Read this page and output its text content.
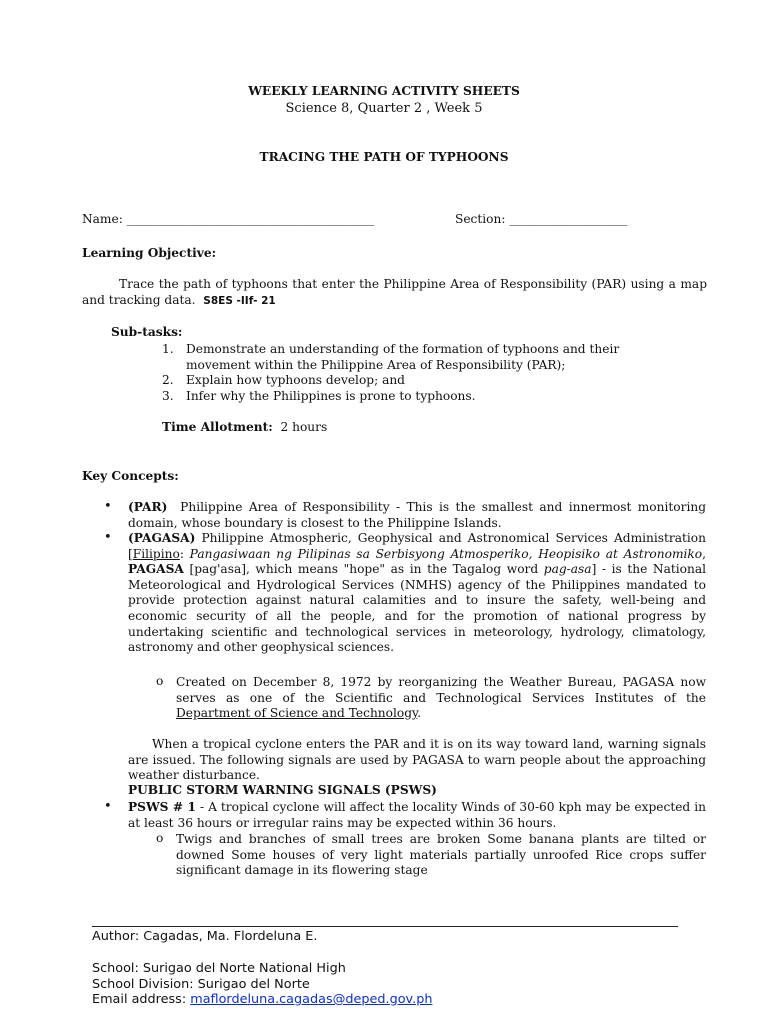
WEEKLY LEARNING ACTIVITY SHEETS
Science 8, Quarter 2 , Week 5
TRACING THE PATH OF TYPHOONS
Name: __________________________________________	Section: ____________________
Learning Objective:
Trace the path of typhoons that enter the Philippine Area of Responsibility (PAR) using a map and tracking data. S8ES -IIf- 21
Sub-tasks:
1. Demonstrate an understanding of the formation of typhoons and their
movement within the Philippine Area of Responsibility (PAR);
2. Explain how typhoons develop; and
3. Infer why the Philippines is prone to typhoons.
Time Allotment: 2 hours
Key Concepts:
• (PAR) Philippine Area of Responsibility - This is the smallest and innermost monitoring domain, whose boundary is closest to the Philippine Islands.
• (PAGASA) Philippine Atmospheric, Geophysical and Astronomical Services Administration [Filipino: Pangasiwaan ng Pilipinas sa Serbisyong Atmosperiko, Heopisiko at Astronomiko, PAGASA [pag'asa], which means "hope" as in the Tagalog word pag-asa] - is the National Meteorological and Hydrological Services (NMHS) agency of the Philippines mandated to provide protection against natural calamities and to insure the safety, well-being and economic security of all the people, and for the promotion of national progress by undertaking scientific and technological services in meteorology, hydrology, climatology, astronomy and other geophysical sciences.
o Created on December 8, 1972 by reorganizing the Weather Bureau, PAGASA now serves as one of the Scientific and Technological Services Institutes of the Department of Science and Technology.
When a tropical cyclone enters the PAR and it is on its way toward land, warning signals are issued. The following signals are used by PAGASA to warn people about the approaching weather disturbance.
PUBLIC STORM WARNING SIGNALS (PSWS)
• PSWS # 1 - A tropical cyclone will affect the locality Winds of 30-60 kph may be expected in at least 36 hours or irregular rains may be expected within 36 hours.
o Twigs and branches of small trees are broken Some banana plants are tilted or downed Some houses of very light materials partially unroofed Rice crops suffer significant damage in its flowering stage
Author: Cagadas, Ma. Flordeluna E.
School: Surigao del Norte National High
School Division: Surigao del Norte
Email address: maflordeluna.cagadas@deped.gov.ph
